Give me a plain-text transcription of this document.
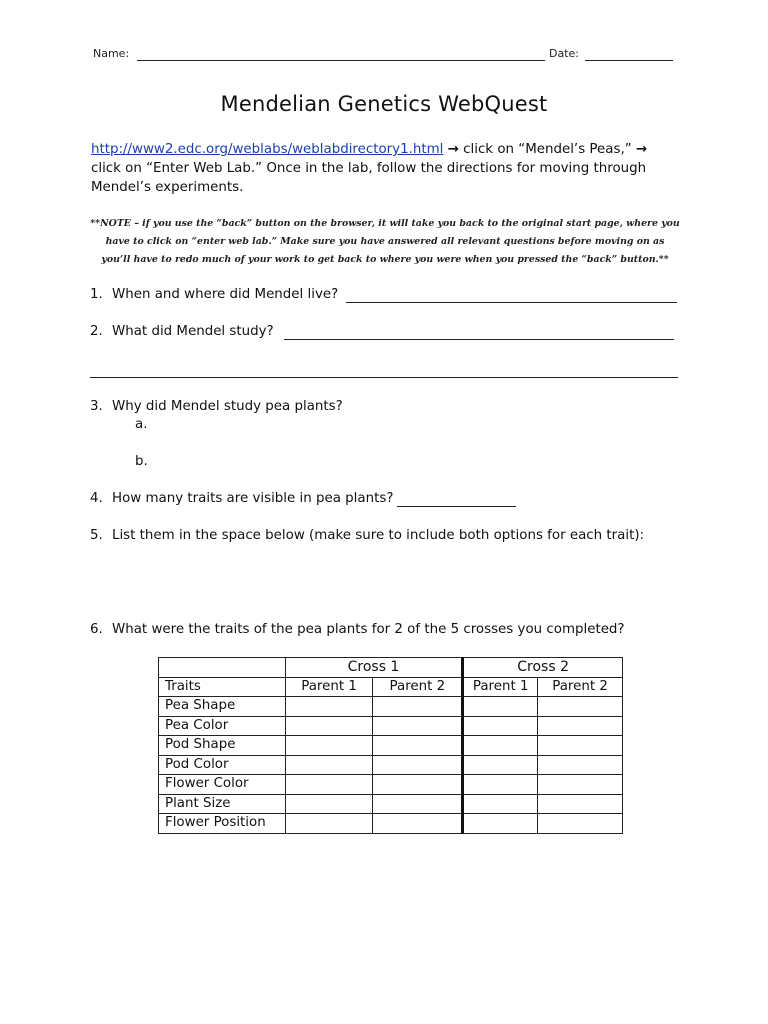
Name:	Date:
Mendelian Genetics WebQuest
http://www2.edc.org/weblabs/weblabdirectory1.html → click on “Mendel’s Peas,” → click on “Enter Web Lab.” Once in the lab, follow the directions for moving through Mendel’s experiments.
**NOTE – if you use the “back” button on the browser, it will take you back to the original start page, where you have to click on “enter web lab.” Make sure you have answered all relevant questions before moving on as you’ll have to redo much of your work to get back to where you were when you pressed the “back” button.**
1. When and where did Mendel live?
2. What did Mendel study?
3. Why did Mendel study pea plants?
a.
b.
4. How many traits are visible in pea plants?
5. List them in the space below (make sure to include both options for each trait):
6. What were the traits of the pea plants for 2 of the 5 crosses you completed?
	Cross 1		Cross 2	
Traits	Parent 1	Parent 2	Parent 1	Parent 2
Pea Shape				
Pea Color				
Pod Shape				
Pod Color				
Flower Color				
Plant Size				
Flower Position				
